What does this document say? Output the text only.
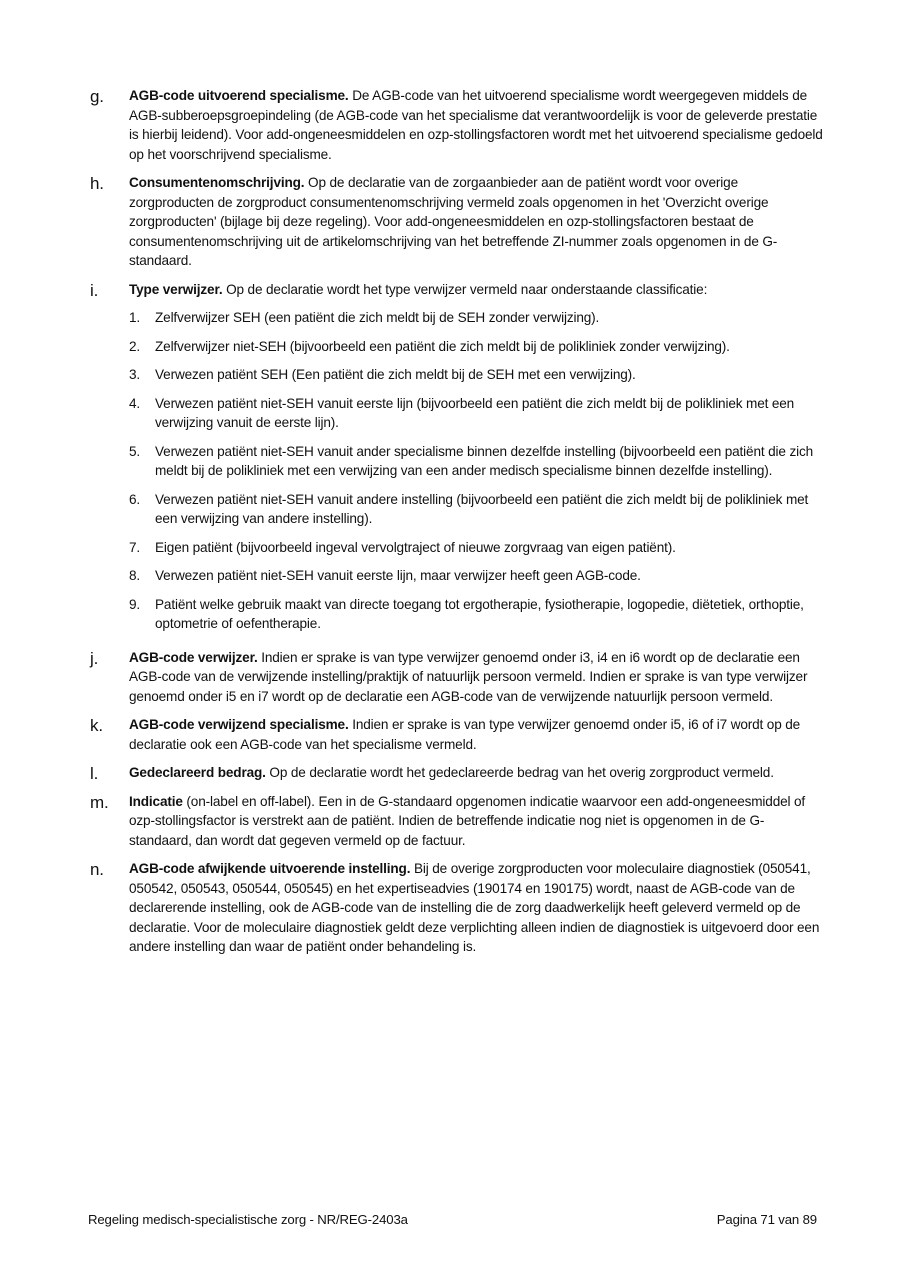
g. AGB-code uitvoerend specialisme. De AGB-code van het uitvoerend specialisme wordt weergegeven middels de AGB-subberoepsgroepindeling (de AGB-code van het specialisme dat verantwoordelijk is voor de geleverde prestatie is hierbij leidend). Voor add-ongeneesmiddelen en ozp-stollingsfactoren wordt met het uitvoerend specialisme gedoeld op het voorschrijvend specialisme.
h. Consumentenomschrijving. Op de declaratie van de zorgaanbieder aan de patiënt wordt voor overige zorgproducten de zorgproduct consumentenomschrijving vermeld zoals opgenomen in het 'Overzicht overige zorgproducten' (bijlage bij deze regeling). Voor add-ongeneesmiddelen en ozp-stollingsfactoren bestaat de consumentenomschrijving uit de artikelomschrijving van het betreffende ZI-nummer zoals opgenomen in de G-standaard.
i. Type verwijzer. Op de declaratie wordt het type verwijzer vermeld naar onderstaande classificatie:
1. Zelfverwijzer SEH (een patiënt die zich meldt bij de SEH zonder verwijzing).
2. Zelfverwijzer niet-SEH (bijvoorbeeld een patiënt die zich meldt bij de polikliniek zonder verwijzing).
3. Verwezen patiënt SEH (Een patiënt die zich meldt bij de SEH met een verwijzing).
4. Verwezen patiënt niet-SEH vanuit eerste lijn (bijvoorbeeld een patiënt die zich meldt bij de polikliniek met een verwijzing vanuit de eerste lijn).
5. Verwezen patiënt niet-SEH vanuit ander specialisme binnen dezelfde instelling (bijvoorbeeld een patiënt die zich meldt bij de polikliniek met een verwijzing van een ander medisch specialisme binnen dezelfde instelling).
6. Verwezen patiënt niet-SEH vanuit andere instelling (bijvoorbeeld een patiënt die zich meldt bij de polikliniek met een verwijzing van andere instelling).
7. Eigen patiënt (bijvoorbeeld ingeval vervolgtraject of nieuwe zorgvraag van eigen patiënt).
8. Verwezen patiënt niet-SEH vanuit eerste lijn, maar verwijzer heeft geen AGB-code.
9. Patiënt welke gebruik maakt van directe toegang tot ergotherapie, fysiotherapie, logopedie, diëtetiek, orthoptie, optometrie of oefentherapie.
j. AGB-code verwijzer. Indien er sprake is van type verwijzer genoemd onder i3, i4 en i6 wordt op de declaratie een AGB-code van de verwijzende instelling/praktijk of natuurlijk persoon vermeld. Indien er sprake is van type verwijzer genoemd onder i5 en i7 wordt op de declaratie een AGB-code van de verwijzende natuurlijk persoon vermeld.
k. AGB-code verwijzend specialisme. Indien er sprake is van type verwijzer genoemd onder i5, i6 of i7 wordt op de declaratie ook een AGB-code van het specialisme vermeld.
l. Gedeclareerd bedrag. Op de declaratie wordt het gedeclareerde bedrag van het overig zorgproduct vermeld.
m. Indicatie (on-label en off-label). Een in de G-standaard opgenomen indicatie waarvoor een add-ongeneesmiddel of ozp-stollingsfactor is verstrekt aan de patiënt. Indien de betreffende indicatie nog niet is opgenomen in de G-standaard, dan wordt dat gegeven vermeld op de factuur.
n. AGB-code afwijkende uitvoerende instelling. Bij de overige zorgproducten voor moleculaire diagnostiek (050541, 050542, 050543, 050544, 050545) en het expertiseadvies (190174 en 190175) wordt, naast de AGB-code van de declarerende instelling, ook de AGB-code van de instelling die de zorg daadwerkelijk heeft geleverd vermeld op de declaratie. Voor de moleculaire diagnostiek geldt deze verplichting alleen indien de diagnostiek is uitgevoerd door een andere instelling dan waar de patiënt onder behandeling is.
Regeling medisch-specialistische zorg - NR/REG-2403a	Pagina 71 van 89
